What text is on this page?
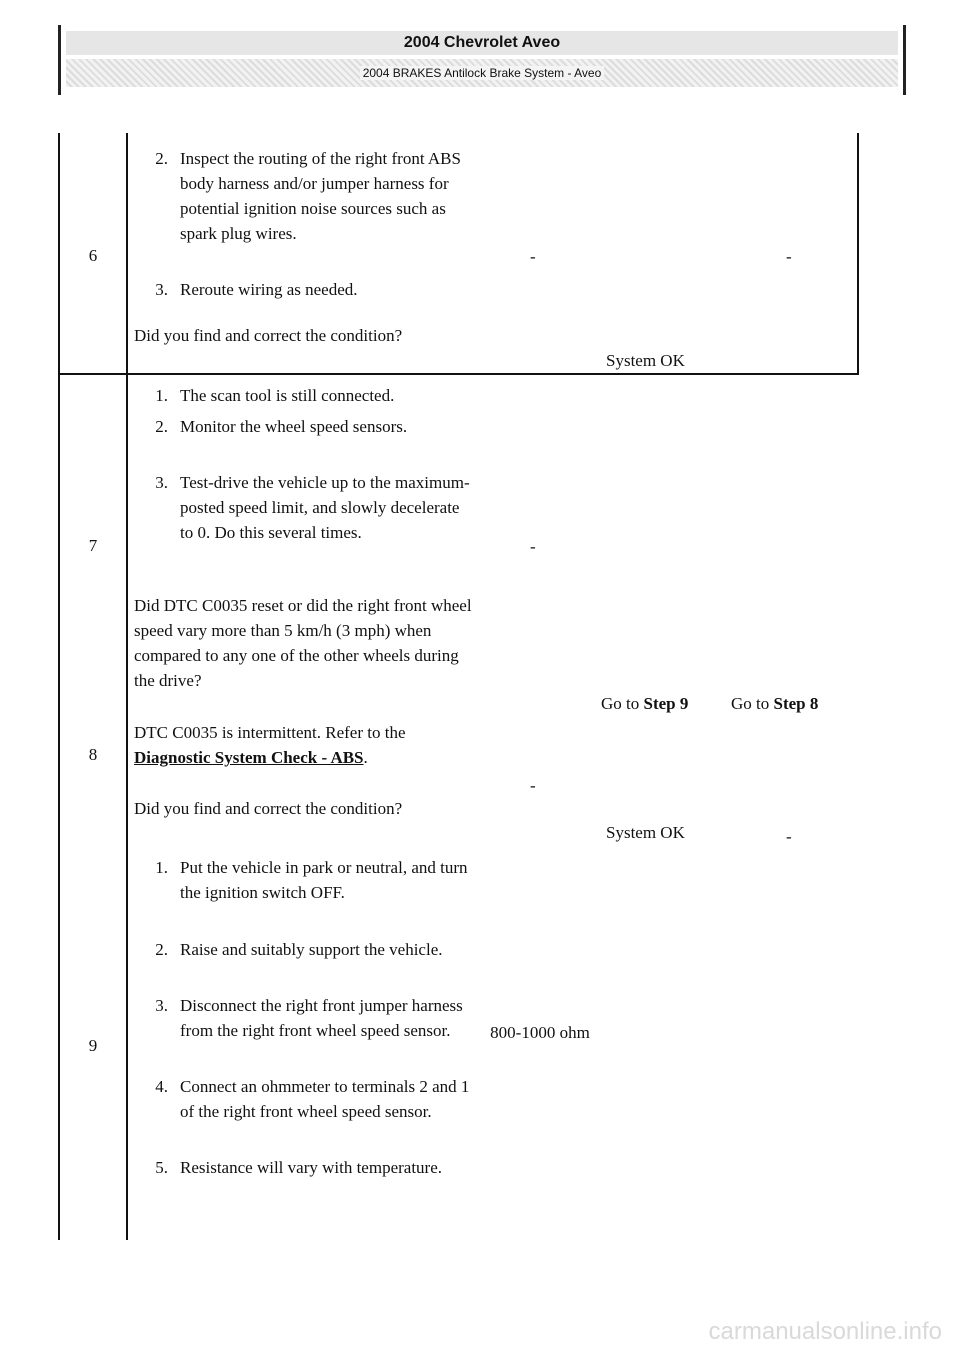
2004 Chevrolet Aveo
2004 BRAKES Antilock Brake System - Aveo
6
2. Inspect the routing of the right front ABS body harness and/or jumper harness for potential ignition noise sources such as spark plug wires.
3. Reroute wiring as needed.
Did you find and correct the condition?
-
System OK
-
7
1. The scan tool is still connected.
2. Monitor the wheel speed sensors.
3. Test-drive the vehicle up to the maximum-posted speed limit, and slowly decelerate to 0. Do this several times.
Did DTC C0035 reset or did the right front wheel speed vary more than 5 km/h (3 mph) when compared to any one of the other wheels during the drive?
-
Go to Step 9	Go to Step 8
8
DTC C0035 is intermittent. Refer to the Diagnostic System Check - ABS.
Did you find and correct the condition?
-
System OK	-
9
1. Put the vehicle in park or neutral, and turn the ignition switch OFF.
2. Raise and suitably support the vehicle.
3. Disconnect the right front jumper harness from the right front wheel speed sensor.
4. Connect an ohmmeter to terminals 2 and 1 of the right front wheel speed sensor.
5. Resistance will vary with temperature.
800-1000 ohm
carmanualsonline.info
